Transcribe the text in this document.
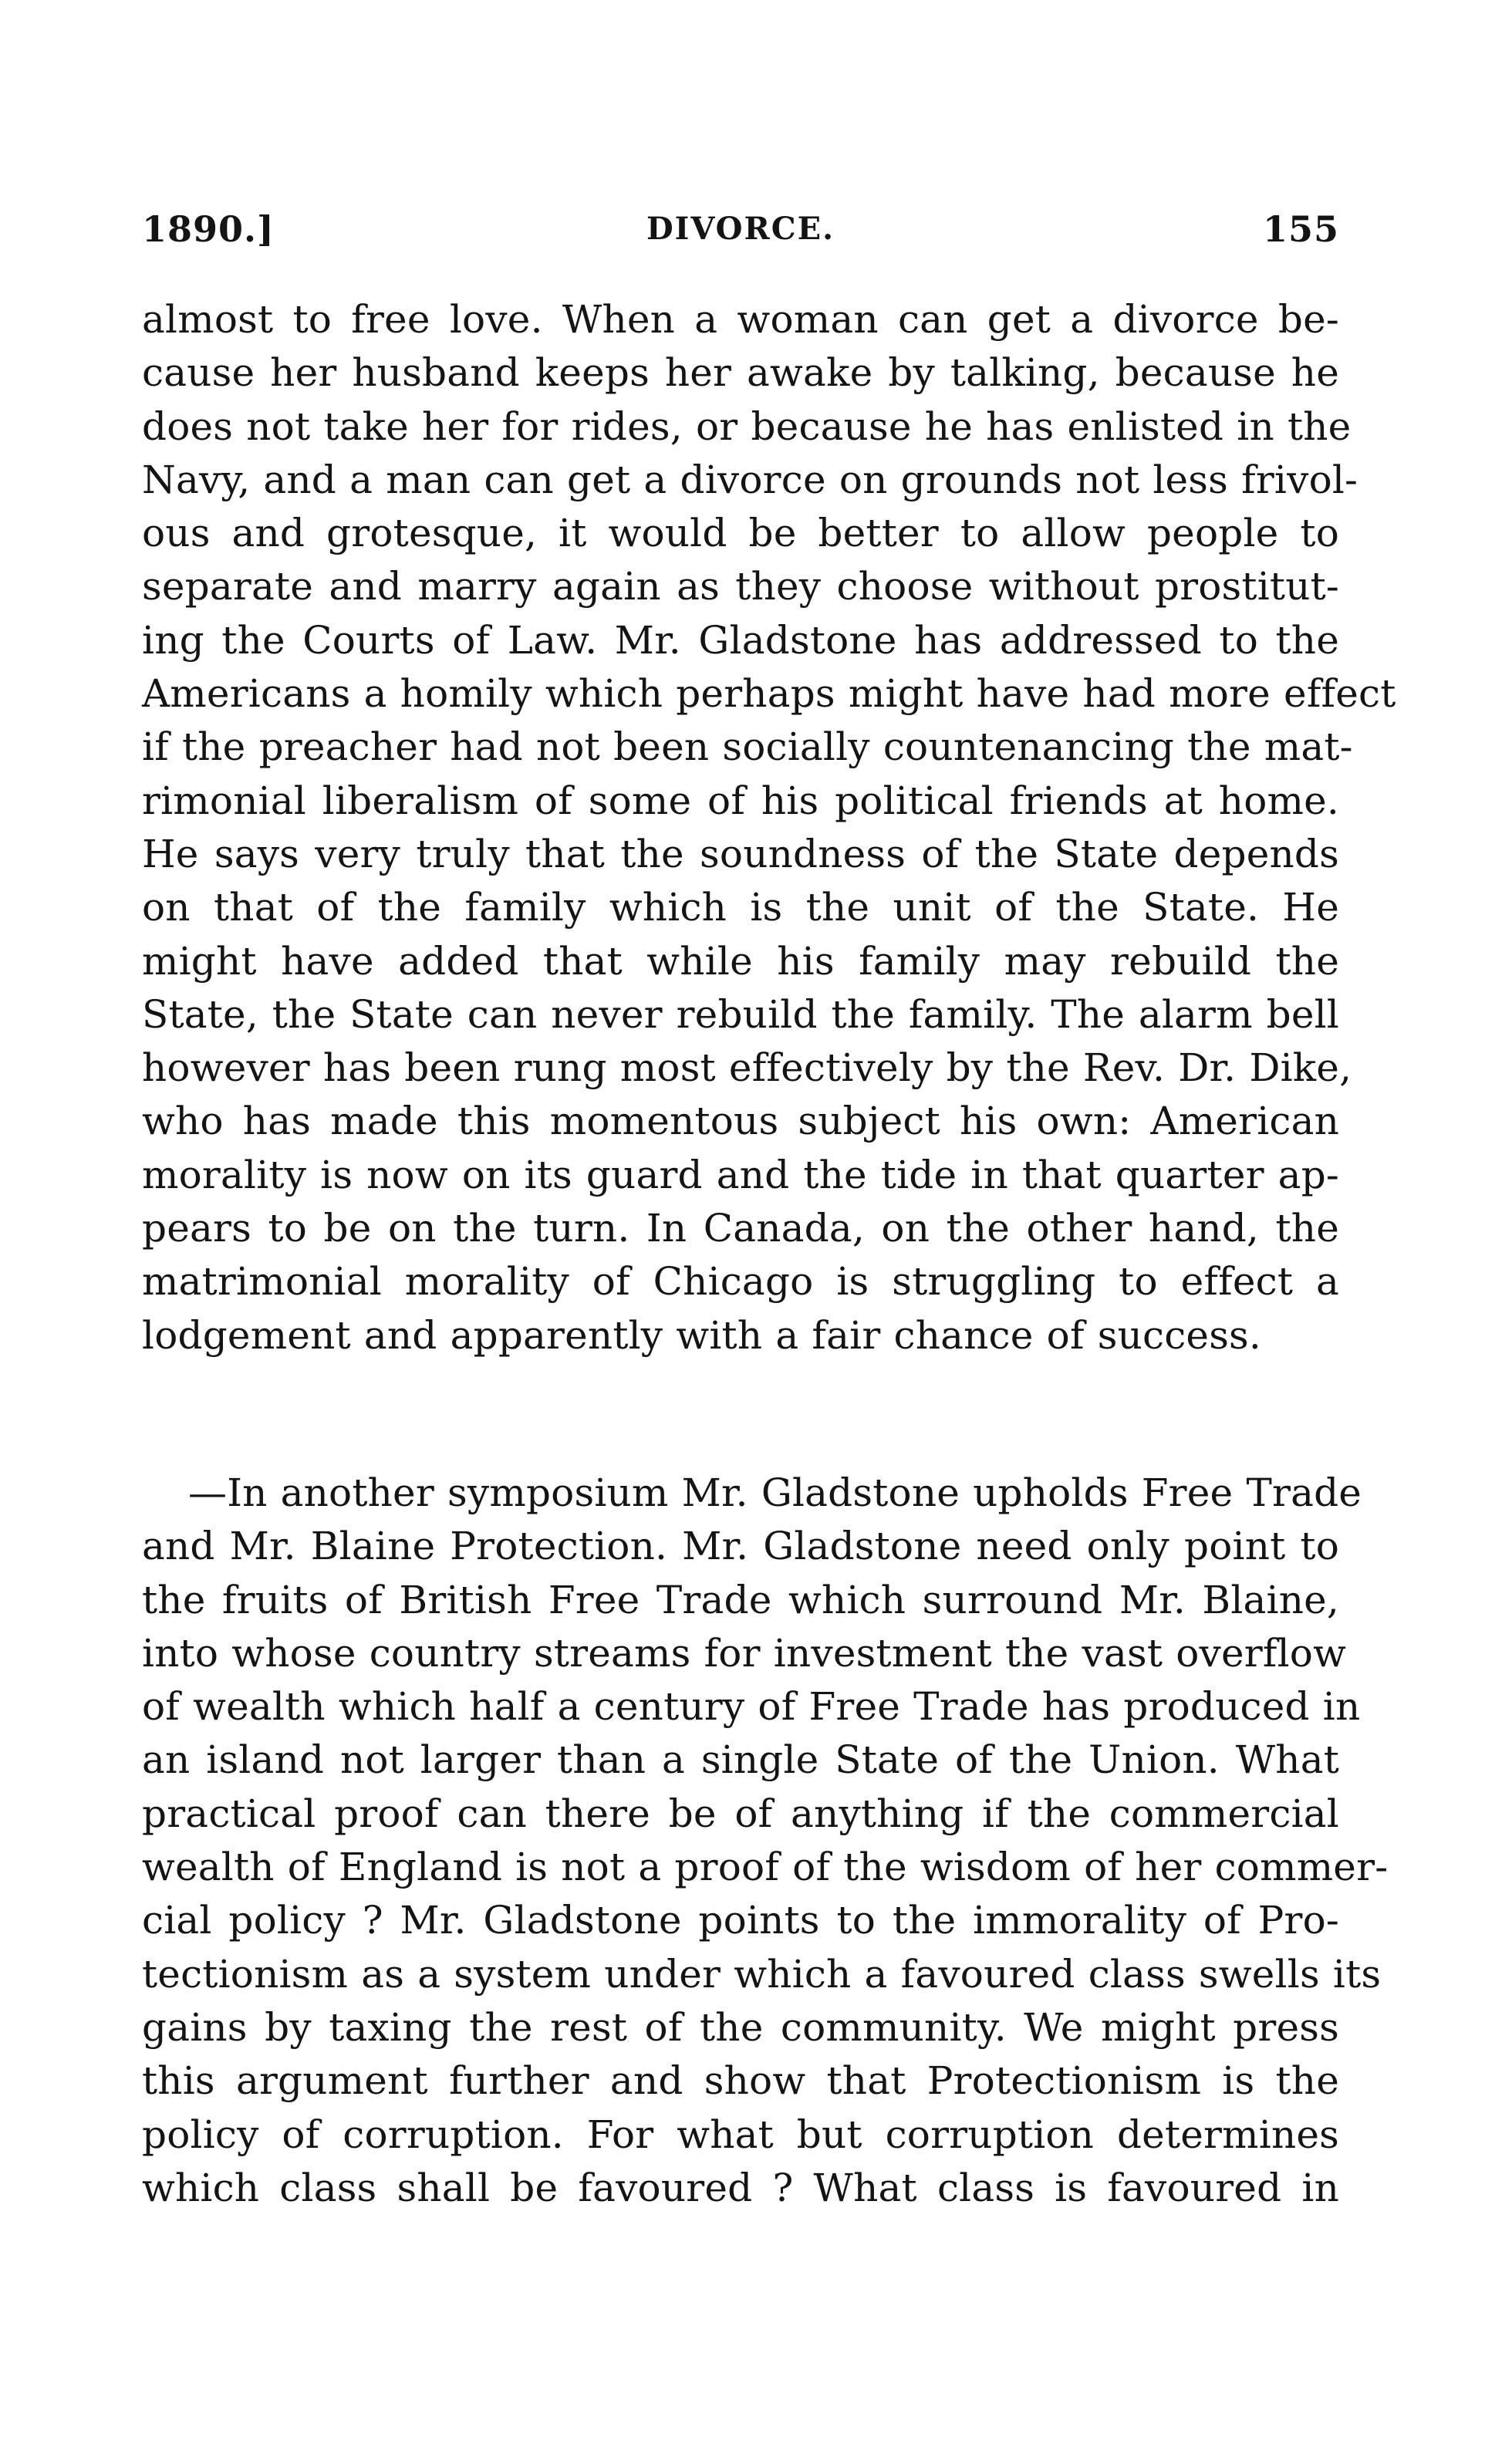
1890.]	DIVORCE.	155
almost to free love. When a woman can get a divorce be-
cause her husband keeps her awake by talking, because he
does not take her for rides, or because he has enlisted in the
Navy, and a man can get a divorce on grounds not less frivol-
ous and grotesque, it would be better to allow people to
separate and marry again as they choose without prostitut-
ing the Courts of Law. Mr. Gladstone has addressed to the
Americans a homily which perhaps might have had more effect
if the preacher had not been socially countenancing the mat-
rimonial liberalism of some of his political friends at home.
He says very truly that the soundness of the State depends
on that of the family which is the unit of the State. He
might have added that while his family may rebuild the
State, the State can never rebuild the family. The alarm bell
however has been rung most effectively by the Rev. Dr. Dike,
who has made this momentous subject his own: American
morality is now on its guard and the tide in that quarter ap-
pears to be on the turn. In Canada, on the other hand, the
matrimonial morality of Chicago is struggling to effect a
lodgement and apparently with a fair chance of success.
—In another symposium Mr. Gladstone upholds Free Trade
and Mr. Blaine Protection. Mr. Gladstone need only point to
the fruits of British Free Trade which surround Mr. Blaine,
into whose country streams for investment the vast overflow
of wealth which half a century of Free Trade has produced in
an island not larger than a single State of the Union. What
practical proof can there be of anything if the commercial
wealth of England is not a proof of the wisdom of her commer-
cial policy ? Mr. Gladstone points to the immorality of Pro-
tectionism as a system under which a favoured class swells its
gains by taxing the rest of the community. We might press
this argument further and show that Protectionism is the
policy of corruption. For what but corruption determines
which class shall be favoured ? What class is favoured in
